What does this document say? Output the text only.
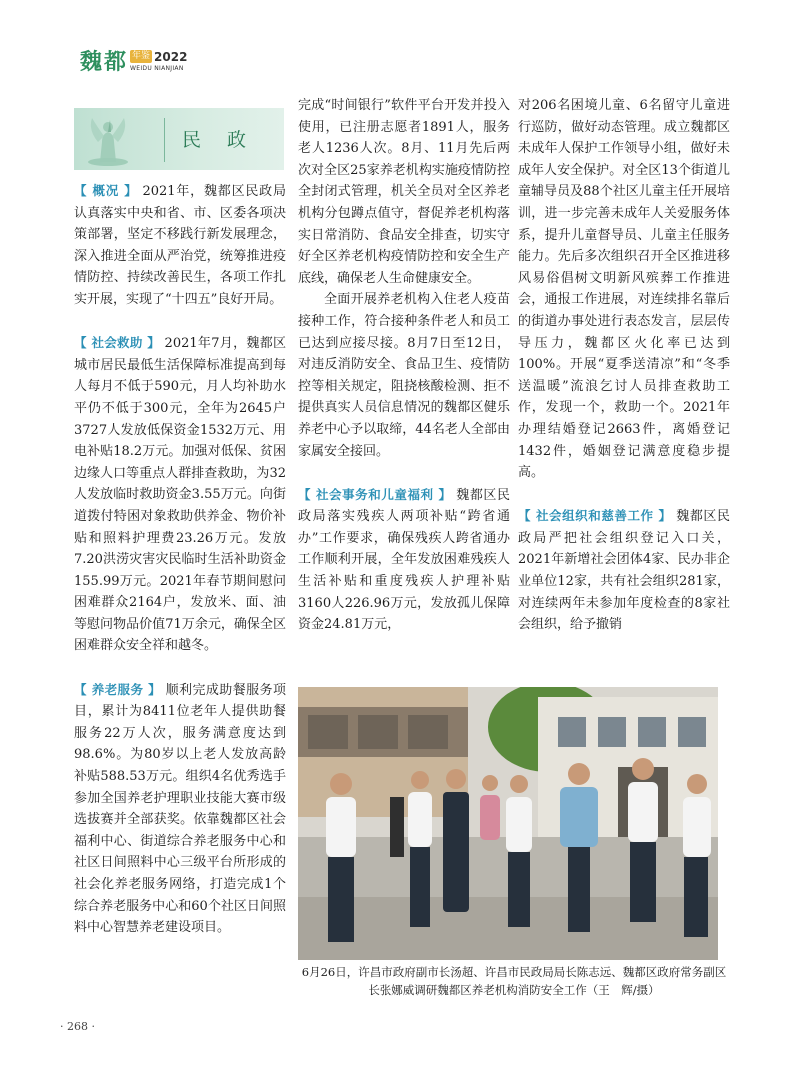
魏都 年鉴 2022
WEIDU NIANJIAN
民 政

【 概况 】 2021年，魏都区民政局认真落实中央和省、市、区委各项决策部署，坚定不移践行新发展理念，深入推进全面从严治党，统筹推进疫情防控、持续改善民生，各项工作扎实开展，实现了“十四五”良好开局。

【 社会救助 】 2021年7月，魏都区城市居民最低生活保障标准提高到每人每月不低于590元，月人均补助水平仍不低于300元，全年为2645户3727人发放低保资金1532万元、用电补贴18.2万元。加强对低保、贫困边缘人口等重点人群排查救助，为32人发放临时救助资金3.55万元。向街道拨付特困对象救助供养金、物价补贴和照料护理费23.26万元。发放7.20洪涝灾害灾民临时生活补助资金155.99万元。2021年春节期间慰问困难群众2164户，发放米、面、油等慰问物品价值71万余元，确保全区困难群众安全祥和越冬。

【 养老服务 】 顺利完成助餐服务项目，累计为8411位老年人提供助餐服务22万人次，服务满意度达到98.6%。为80岁以上老人发放高龄补贴588.53万元。组织4名优秀选手参加全国养老护理职业技能大赛市级选拔赛并全部获奖。依靠魏都区社会福利中心、街道综合养老服务中心和社区日间照料中心三级平台所形成的社会化养老服务网络，打造完成1个综合养老服务中心和60个社区日间照料中心智慧养老建设项目。

完成“时间银行”软件平台开发并投入使用，已注册志愿者1891人，服务老人1236人次。8月、11月先后两次对全区25家养老机构实施疫情防控全封闭式管理，机关全员对全区养老机构分包蹲点值守，督促养老机构落实日常消防、食品安全排查，切实守好全区养老机构疫情防控和安全生产底线，确保老人生命健康安全。

全面开展养老机构入住老人疫苗接种工作，符合接种条件老人和员工已达到应接尽接。8月7日至12日，对违反消防安全、食品卫生、疫情防控等相关规定，阻挠核酸检测、拒不提供真实人员信息情况的魏都区健乐养老中心予以取缔，44名老人全部由家属安全接回。

【 社会事务和儿童福利 】 魏都区民政局落实残疾人两项补贴“跨省通办”工作要求，确保残疾人跨省通办工作顺利开展，全年发放困难残疾人生活补贴和重度残疾人护理补贴3160人226.96万元，发放孤儿保障资金24.81万元，

对206名困境儿童、6名留守儿童进行巡防，做好动态管理。成立魏都区未成年人保护工作领导小组，做好未成年人安全保护。对全区13个街道儿童辅导员及88个社区儿童主任开展培训，进一步完善未成年人关爱服务体系，提升儿童督导员、儿童主任服务能力。先后多次组织召开全区推进移风易俗倡树文明新风殡葬工作推进会，通报工作进展，对连续排名靠后的街道办事处进行表态发言，层层传导压力，魏都区火化率已达到100%。开展“夏季送清凉”和“冬季送温暖”流浪乞讨人员排查救助工作，发现一个，救助一个。2021年办理结婚登记2663件，离婚登记1432件，婚姻登记满意度稳步提高。

【 社会组织和慈善工作 】 魏都区民政局严把社会组织登记入口关，2021年新增社会团体4家、民办非企业单位12家，共有社会组织281家，对连续两年未参加年度检查的8家社会组织，给予撤销

6月26日，许昌市政府副市长汤超、许昌市民政局局长陈志远、魏都区政府常务副区长张娜威调研魏都区养老机构消防安全工作（王　辉/摄）
· 268 ·
